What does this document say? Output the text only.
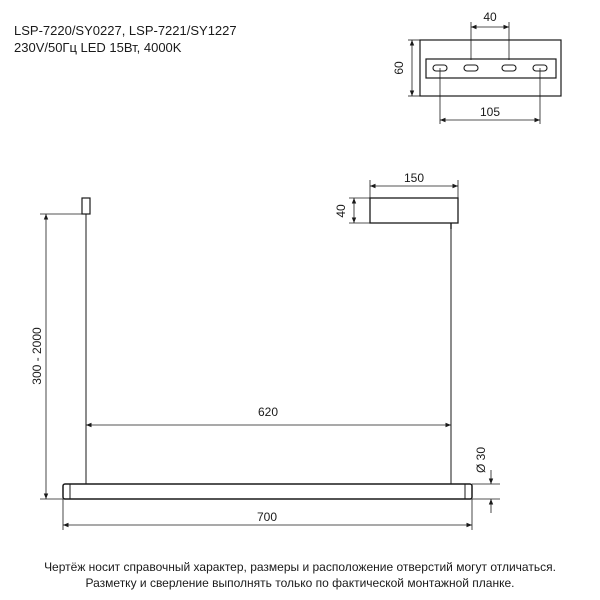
LSP-7220/SY0227, LSP-7221/SY1227
230V/50Гц LED 15Вт, 4000K
40
60
105
150
40
300 - 2000
620
Ø 30
700
Чертёж носит справочный характер, размеры и расположение отверстий могут отличаться.
Разметку и сверление выполнять только по фактической монтажной планке.
